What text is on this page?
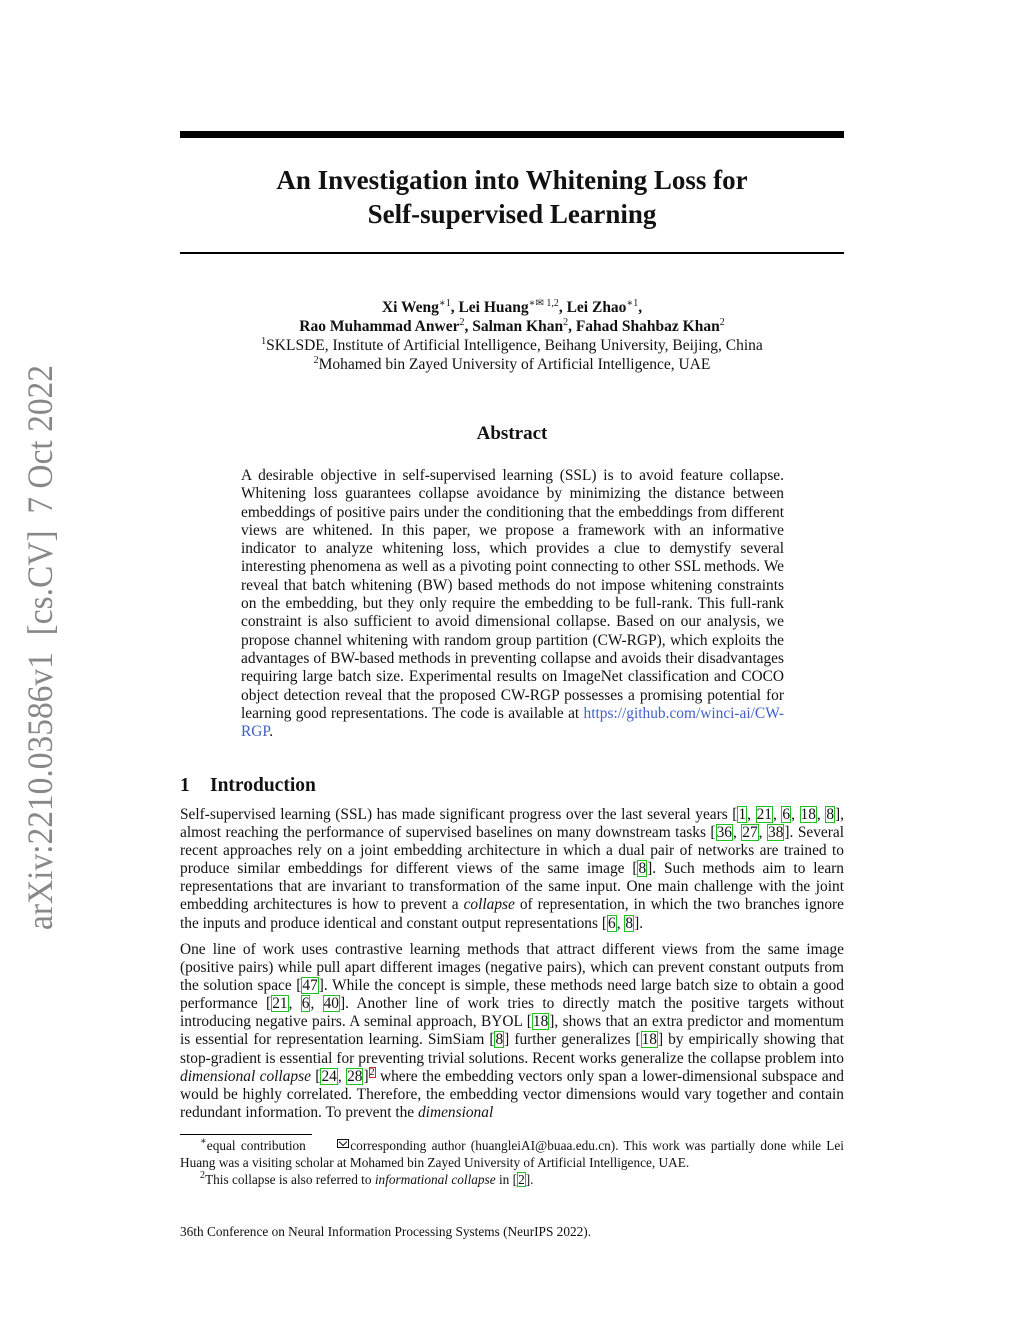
arXiv:2210.03586v1  [cs.CV]  7 Oct 2022
An Investigation into Whitening Loss for
Self-supervised Learning
Xi Weng$^{∗1}$, Lei Huang$^{∗✉ 1,2}$, Lei Zhao$^{∗1}$,
Rao Muhammad Anwer$^2$, Salman Khan$^2$, Fahad Shahbaz Khan$^2$
$^1$SKLSDE, Institute of Artificial Intelligence, Beihang University, Beijing, China
$^2$Mohamed bin Zayed University of Artificial Intelligence, UAE
Abstract

A desirable objective in self-supervised learning (SSL) is to avoid feature collapse. Whitening loss guarantees collapse avoidance by minimizing the distance between embeddings of positive pairs under the conditioning that the embeddings from different views are whitened. In this paper, we propose a framework with an informative indicator to analyze whitening loss, which provides a clue to demystify several interesting phenomena as well as a pivoting point connecting to other SSL methods. We reveal that batch whitening (BW) based methods do not impose whitening constraints on the embedding, but they only require the embedding to be full-rank. This full-rank constraint is also sufficient to avoid dimensional collapse. Based on our analysis, we propose channel whitening with random group partition (CW-RGP), which exploits the advantages of BW-based methods in preventing collapse and avoids their disadvantages requiring large batch size. Experimental results on ImageNet classification and COCO object detection reveal that the proposed CW-RGP possesses a promising potential for learning good representations. The code is available at https://github.com/winci-ai/CW-RGP.

1 Introduction

Self-supervised learning (SSL) has made significant progress over the last several years [1, 21, 6, 18, 8], almost reaching the performance of supervised baselines on many downstream tasks [36, 27, 38]. Several recent approaches rely on a joint embedding architecture in which a dual pair of networks are trained to produce similar embeddings for different views of the same image [8]. Such methods aim to learn representations that are invariant to transformation of the same input. One main challenge with the joint embedding architectures is how to prevent a collapse of representation, in which the two branches ignore the inputs and produce identical and constant output representations [6, 8].

One line of work uses contrastive learning methods that attract different views from the same image (positive pairs) while pull apart different images (negative pairs), which can prevent constant outputs from the solution space [47]. While the concept is simple, these methods need large batch size to obtain a good performance [21, 6, 40]. Another line of work tries to directly match the positive targets without introducing negative pairs. A seminal approach, BYOL [18], shows that an extra predictor and momentum is essential for representation learning. SimSiam [8] further generalizes [18] by empirically showing that stop-gradient is essential for preventing trivial solutions. Recent works generalize the collapse problem into dimensional collapse [24, 28]$^2$ where the embedding vectors only span a lower-dimensional subspace and would be highly correlated. Therefore, the embedding vector dimensions would vary together and contain redundant information. To prevent the dimensional

∗equal contribution	corresponding author (huangleiAI@buaa.edu.cn). This work was partially done while Lei Huang was a visiting scholar at Mohamed bin Zayed University of Artificial Intelligence, UAE.

$^2$This collapse is also referred to informational collapse in [2].

36th Conference on Neural Information Processing Systems (NeurIPS 2022).
